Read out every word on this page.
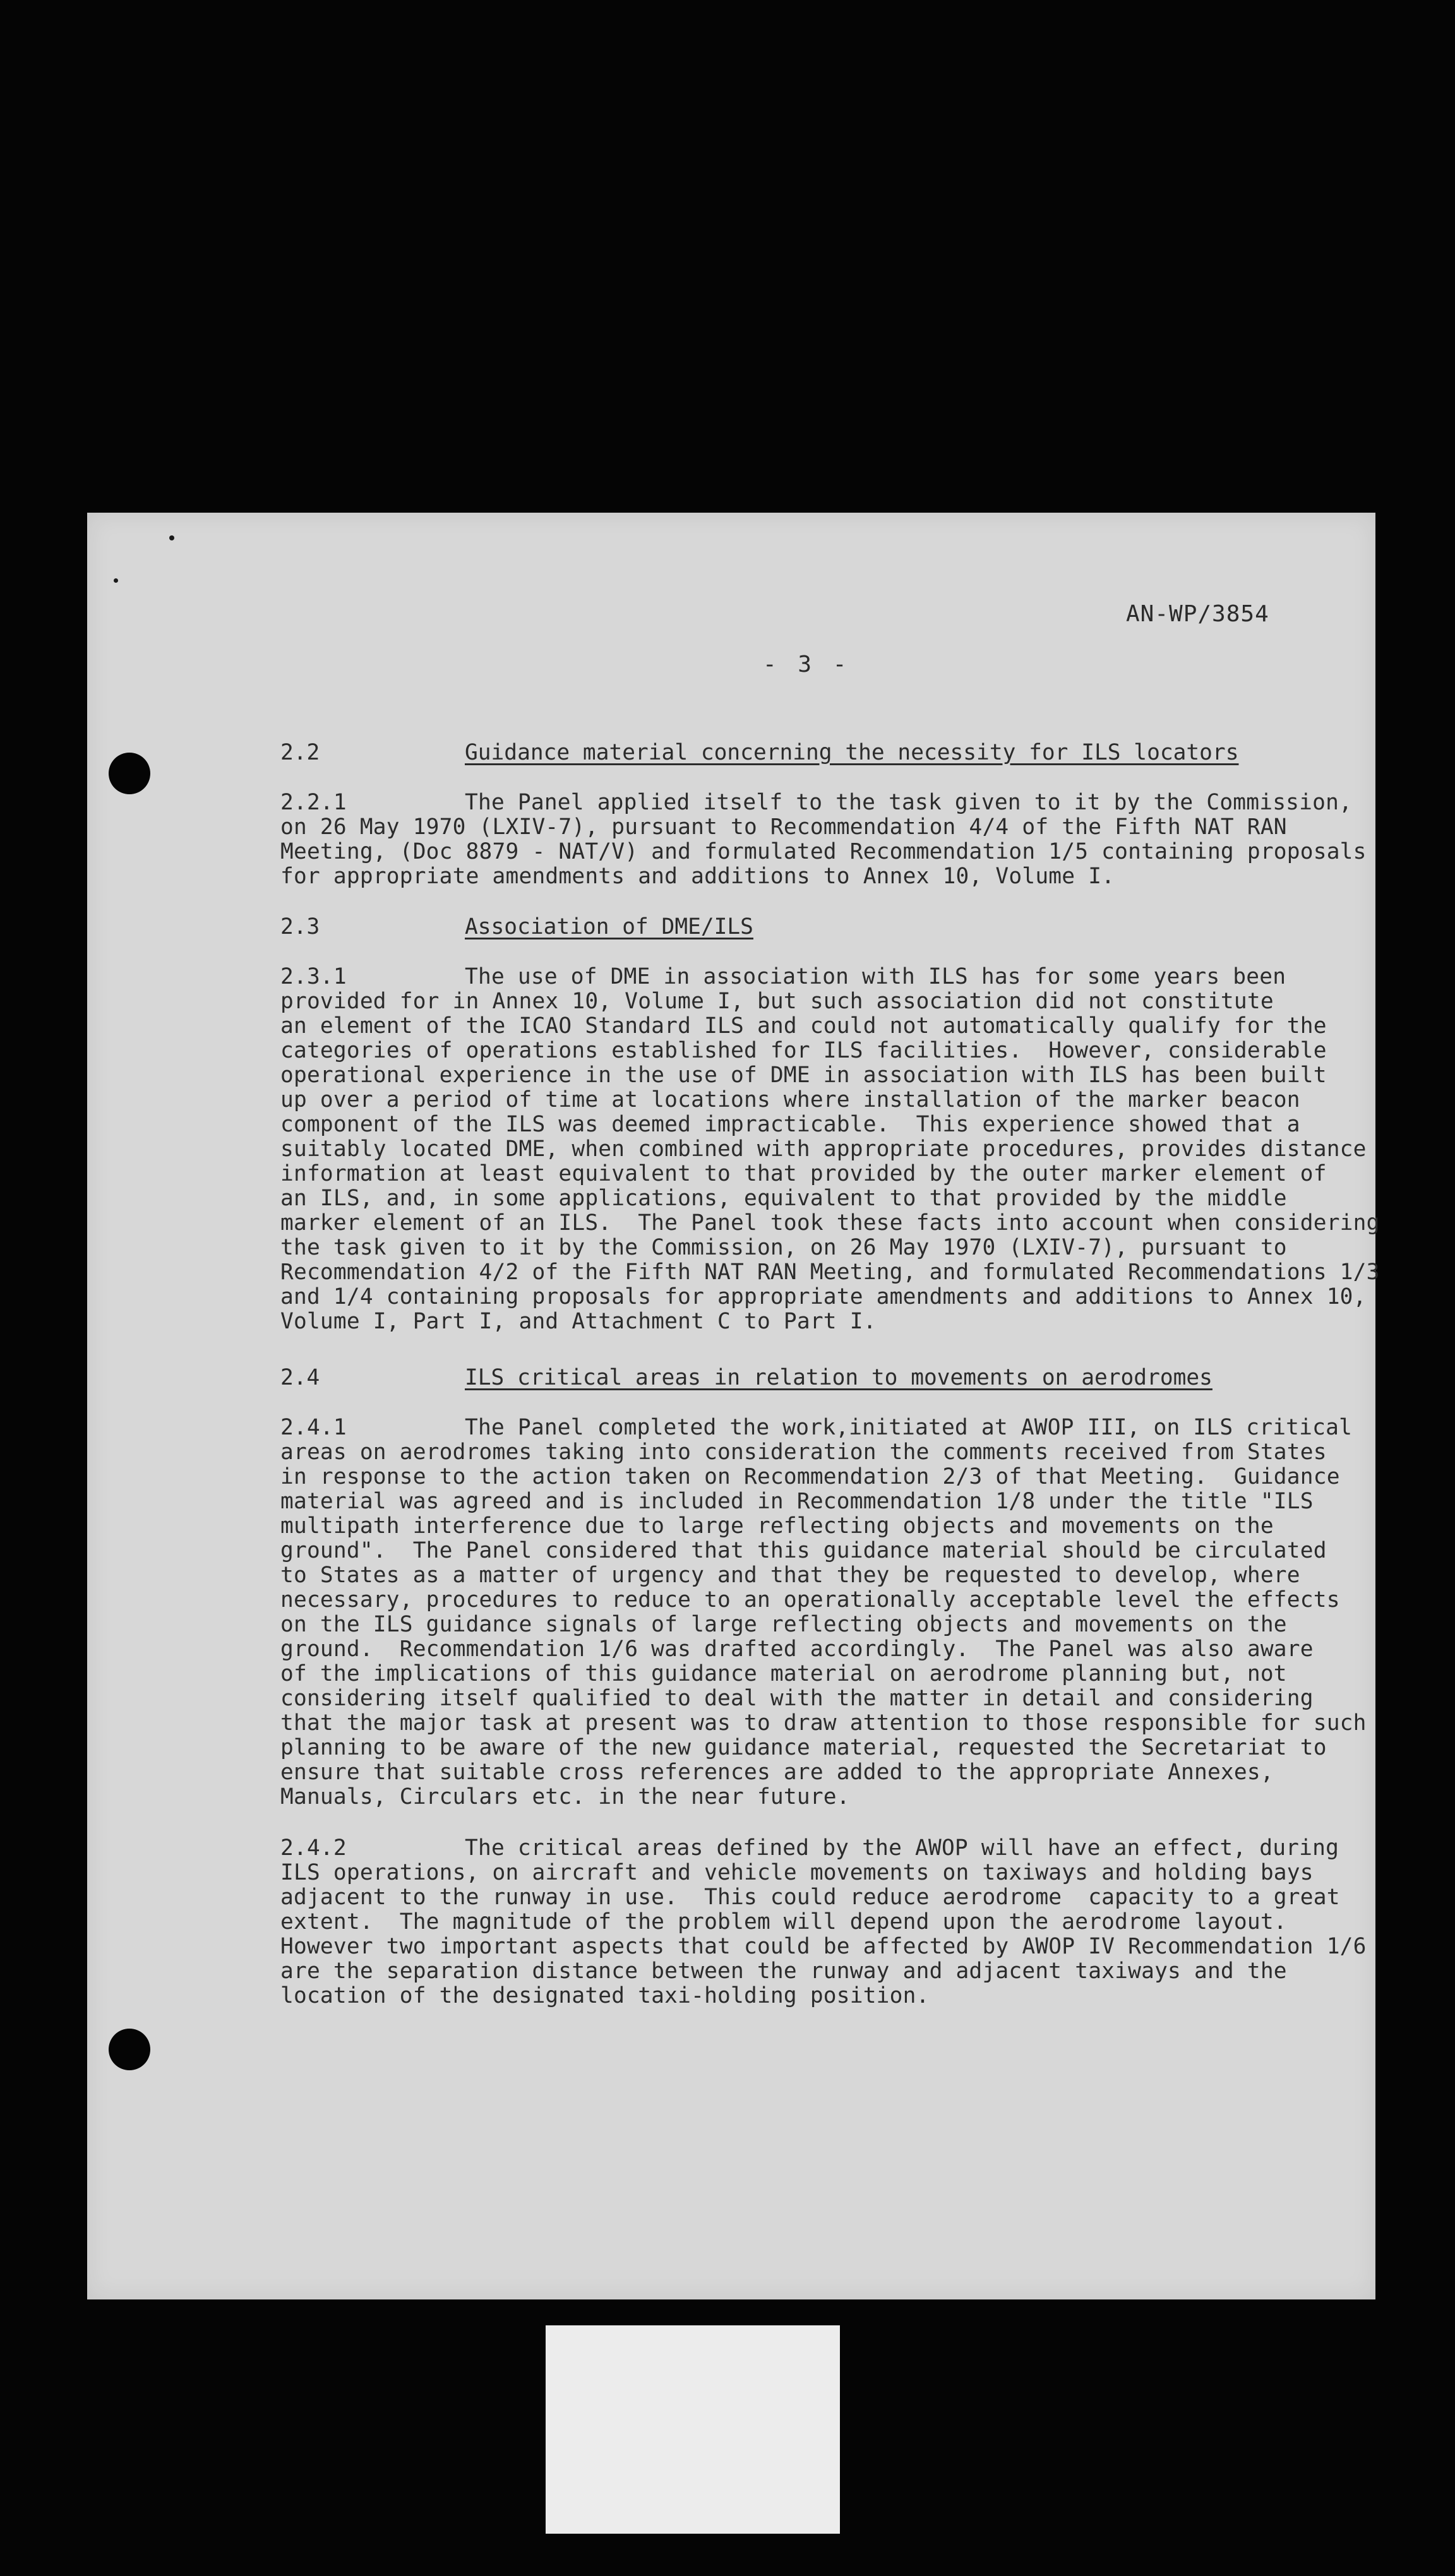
AN-WP/3854
- 3 -
2.2	Guidance material concerning the necessity for ILS locators
2.2.1	The Panel applied itself to the task given to it by the Commission,
on 26 May 1970 (LXIV-7), pursuant to Recommendation 4/4 of the Fifth NAT RAN
Meeting, (Doc 8879 - NAT/V) and formulated Recommendation 1/5 containing proposals
for appropriate amendments and additions to Annex 10, Volume I.
2.3	Association of DME/ILS
2.3.1	The use of DME in association with ILS has for some years been
provided for in Annex 10, Volume I, but such association did not constitute
an element of the ICAO Standard ILS and could not automatically qualify for the
categories of operations established for ILS facilities.  However, considerable
operational experience in the use of DME in association with ILS has been built
up over a period of time at locations where installation of the marker beacon
component of the ILS was deemed impracticable.  This experience showed that a
suitably located DME, when combined with appropriate procedures, provides distance
information at least equivalent to that provided by the outer marker element of
an ILS, and, in some applications, equivalent to that provided by the middle
marker element of an ILS.  The Panel took these facts into account when considering
the task given to it by the Commission, on 26 May 1970 (LXIV-7), pursuant to
Recommendation 4/2 of the Fifth NAT RAN Meeting, and formulated Recommendations 1/3
and 1/4 containing proposals for appropriate amendments and additions to Annex 10,
Volume I, Part I, and Attachment C to Part I.
2.4	ILS critical areas in relation to movements on aerodromes
2.4.1	The Panel completed the work,initiated at AWOP III, on ILS critical
areas on aerodromes taking into consideration the comments received from States
in response to the action taken on Recommendation 2/3 of that Meeting.  Guidance
material was agreed and is included in Recommendation 1/8 under the title "ILS
multipath interference due to large reflecting objects and movements on the
ground".  The Panel considered that this guidance material should be circulated
to States as a matter of urgency and that they be requested to develop, where
necessary, procedures to reduce to an operationally acceptable level the effects
on the ILS guidance signals of large reflecting objects and movements on the
ground.  Recommendation 1/6 was drafted accordingly.  The Panel was also aware
of the implications of this guidance material on aerodrome planning but, not
considering itself qualified to deal with the matter in detail and considering
that the major task at present was to draw attention to those responsible for such
planning to be aware of the new guidance material, requested the Secretariat to
ensure that suitable cross references are added to the appropriate Annexes,
Manuals, Circulars etc. in the near future.
2.4.2	The critical areas defined by the AWOP will have an effect, during
ILS operations, on aircraft and vehicle movements on taxiways and holding bays
adjacent to the runway in use.  This could reduce aerodrome  capacity to a great
extent.  The magnitude of the problem will depend upon the aerodrome layout.
However two important aspects that could be affected by AWOP IV Recommendation 1/6
are the separation distance between the runway and adjacent taxiways and the
location of the designated taxi-holding position.
